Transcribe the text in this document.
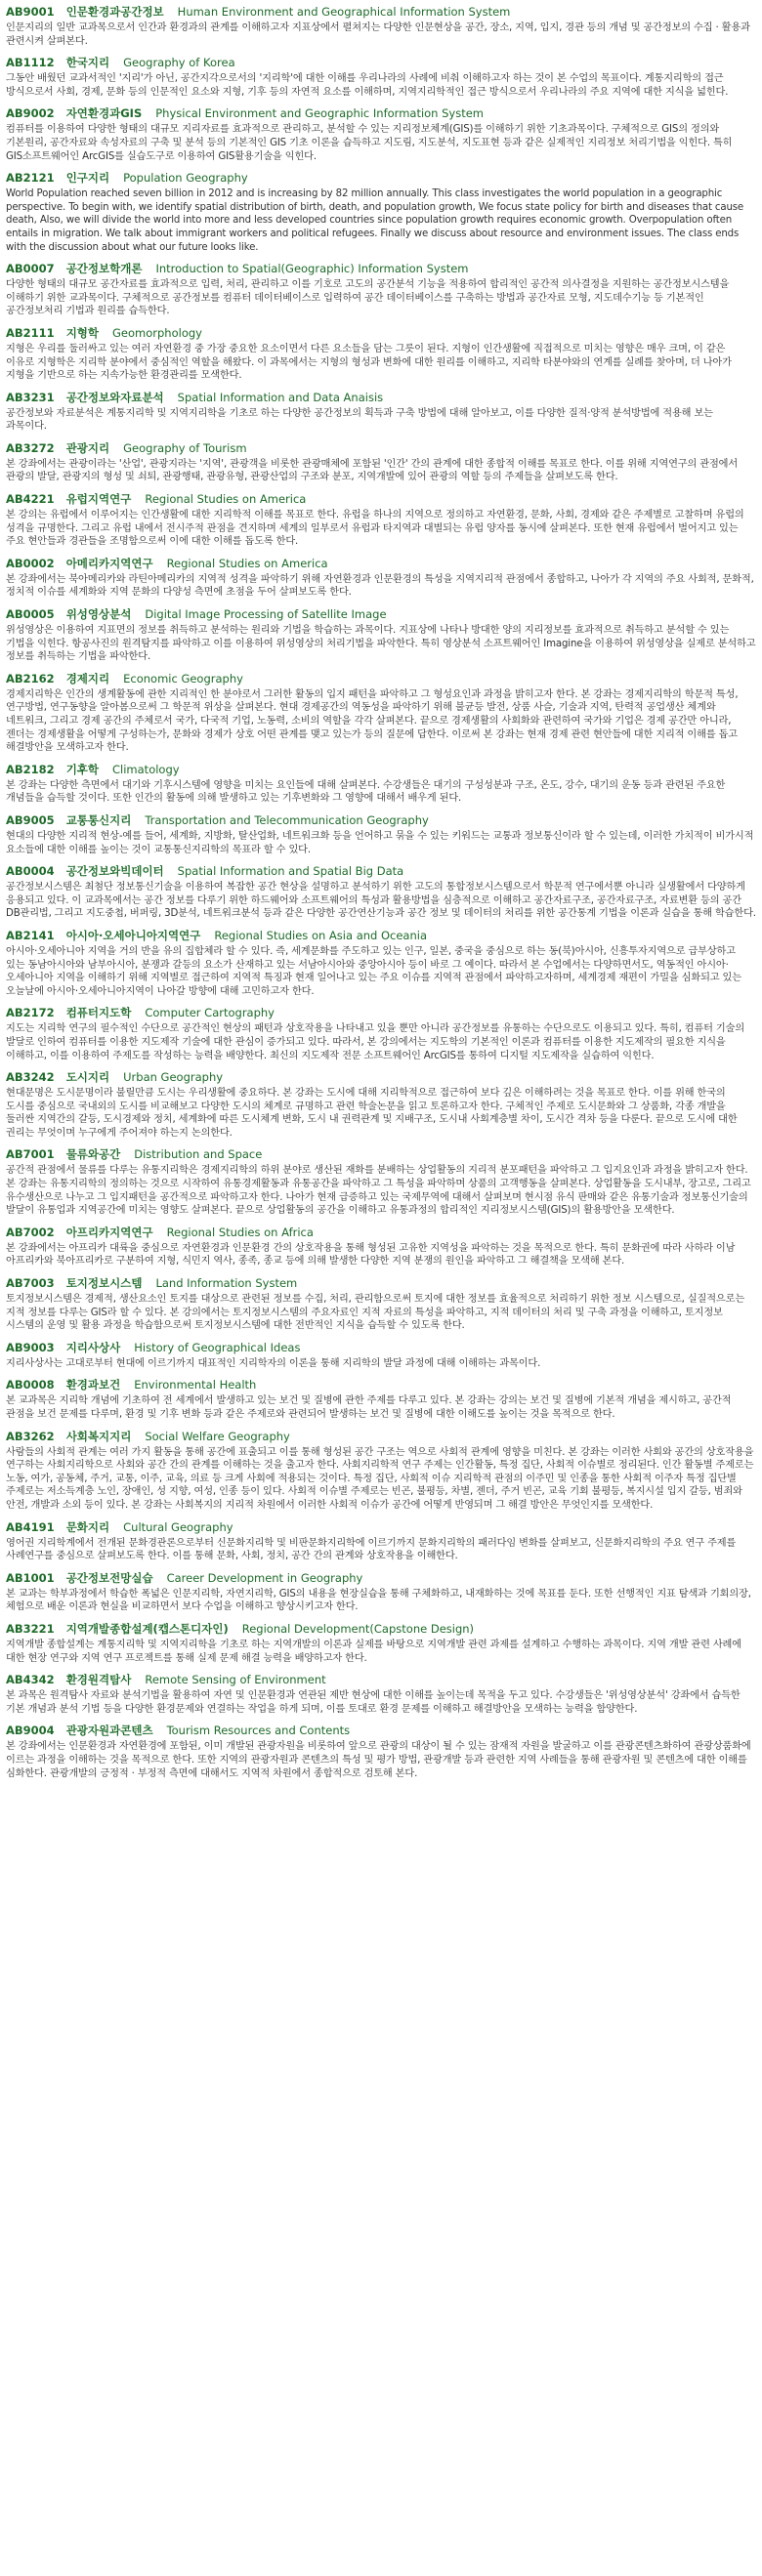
AB9001 인문환경과공간정보 Human Environment and Geographical Information System

인문지리의 일반 교과목으로서 인간과 환경과의 관계를 이해하고자 지표상에서 펼쳐지는 다양한 인문현상을 공간, 장소, 지역, 입지, 경관 등의 개념 및 공간정보의 수집 · 활용과 관련시켜 살펴본다.

AB1112 한국지리 Geography of Korea

그동안 배웠던 교과서적인 '지리'가 아닌, 공간지각으로서의 '지리학'에 대한 이해를 우리나라의 사례에 비춰 이해하고자 하는 것이 본 수업의 목표이다. 계통지리학의 접근 방식으로서 사회, 경제, 문화 등의 인문적인 요소와 지형, 기후 등의 자연적 요소를 이해하며, 지역지리학적인 접근 방식으로서 우리나라의 주요 지역에 대한 지식을 넓힌다.

AB9002 자연환경과GIS Physical Environment and Geographic Information System

컴퓨터를 이용하여 다양한 형태의 대규모 지리자료를 효과적으로 관리하고, 분석할 수 있는 지리정보체계(GIS)를 이해하기 위한 기초과목이다. 구체적으로 GIS의 정의와 기본원리, 공간자료와 속성자료의 구축 및 분석 등의 기본적인 GIS 기초 이론을 습득하고 지도림, 지도분석, 지도표현 등과 같은 실제적인 지리정보 처리기법을 익힌다. 특히 GIS소프트웨어인 ArcGIS를 실습도구로 이용하여 GIS활용기술을 익힌다.

AB2121 인구지리 Population Geography

World Population reached seven billion in 2012 and is increasing by 82 million annually. This class investigates the world population in a geographic perspective. To begin with, we identify spatial distribution of birth, death, and population growth, We focus state policy for birth and diseases that cause death, Also, we will divide the world into more and less developed countries since population growth requires economic growth. Overpopulation often entails in migration. We talk about immigrant workers and political refugees. Finally we discuss about resource and environment issues. The class ends with the discussion about what our future looks like.

AB0007 공간정보학개론 Introduction to Spatial(Geographic) Information System

다양한 형태의 대규모 공간자료를 효과적으로 입력, 처리, 관리하고 이를 기호로 고도의 공간분석 기능을 적용하여 합리적인 공간적 의사결정을 지원하는 공간정보시스템을 이해하기 위한 교과목이다. 구체적으로 공간정보를 컴퓨터 데이터베이스로 입력하여 공간 데이터베이스를 구축하는 방법과 공간자료 모형, 지도데수기능 등 기본적인 공간정보처리 기법과 원리를 습득한다.

AB2111 지형학 Geomorphology

지형은 우리를 둘러싸고 있는 여러 자연환경 중 가장 중요한 요소이면서 다른 요소들을 담는 그릇이 된다. 지형이 인간생활에 직접적으로 미치는 영향은 매우 크며, 이 같은 이유로 지형학은 지리학 분야에서 중심적인 역할을 해왔다. 이 과목에서는 지형의 형성과 변화에 대한 원리를 이해하고, 지리학 타분야와의 연계를 실례를 찾아며, 더 나아가 지형을 기반으로 하는 지속가능한 환경관리를 모색한다.

AB3231 공간정보와자료분석 Spatial Information and Data Anaisis

공간정보와 자료분석은 계통지리학 및 지역지리학을 기초로 하는 다양한 공간정보의 획득과 구축 방법에 대해 알아보고, 이를 다양한 질적·양적 분석방법에 적용해 보는 과목이다.

AB3272 관광지리 Geography of Tourism

본 강좌에서는 관광이라는 '산업', 관광지라는 '지역', 관광객을 비롯한 관광매체에 포함된 '인간' 간의 관계에 대한 종합적 이해를 목표로 한다. 이를 위해 지역연구의 관점에서 관광의 발달, 관광지의 형성 및 쇠퇴, 관광행태, 관광유형, 관광산업의 구조와 분포, 지역개발에 있어 관광의 역할 등의 주제들을 살펴보도록 한다.

AB4221 유럽지역연구 Regional Studies on America

본 강의는 유럽에서 이루어지는 인간생활에 대한 지리학적 이해를 목표로 한다. 유럽을 하나의 지역으로 정의하고 자연환경, 문화, 사회, 경제와 같은 주제별로 고찰하며 유럽의 성격을 규명한다. 그리고 유럽 내에서 전시주적 관점을 견지하며 세계의 일부로서 유럽과 타지역과 대별되는 유럽 양자를 동시에 살펴본다. 또한 현재 유럽에서 벌어지고 있는 주요 현안들과 경관들을 조명함으로써 이에 대한 이해를 돕도록 한다.

AB0002 아메리카지역연구 Regional Studies on America

본 강좌에서는 북아메리카와 라틴아메리카의 지역적 성격을 파악하기 위해 자연환경과 인문환경의 특성을 지역지리적 관점에서 종합하고, 나아가 각 지역의 주요 사회적, 문화적, 정치적 이슈를 세계화와 지역 문화의 다양성 측면에 초점을 두어 살펴보도록 한다.

AB0005 위성영상분석 Digital Image Processing of Satellite Image

위성영상은 이용하여 지표면의 정보를 취득하고 분석하는 원리와 기법을 학습하는 과목이다. 지표상에 나타나 방대한 양의 지리정보를 효과적으로 취득하고 분석할 수 있는 기법을 익힌다. 항공사진의 원격탐지를 파악하고 이를 이용하여 위성영상의 처리기법을 파악한다. 특히 영상분석 소프트웨어인 Imagine을 이용하여 위성영상을 실제로 분석하고 정보를 취득하는 기법을 파악한다.

AB2162 경제지리 Economic Geography

경제지리학은 인간의 생계활동에 관한 지리적인 한 분야로서 그러한 활동의 입지 패턴을 파악하고 그 형성요인과 과정을 밝히고자 한다. 본 강좌는 경제지리학의 학문적 특성, 연구방법, 연구동향을 알아봄으로써 그 학문적 위상을 살펴본다. 현대 경제공간의 역동성을 파악하기 위해 불균등 발전, 상품 사슬, 기술과 지역, 탄력적 공업생산 체계와 네트워크, 그리고 경제 공간의 주체로서 국가, 다국적 기업, 노동력, 소비의 역할을 각각 살펴본다. 끝으로 경제생활의 사회화와 관련하여 국가와 기업은 경제 공간만 아니라, 젠더는 경제생활을 어떻게 구성하는가, 문화와 경제가 상호 어떤 관계를 맺고 있는가 등의 질문에 답한다. 이로써 본 강좌는 현재 경제 관련 현안들에 대한 지리적 이해를 돕고 해결방안을 모색하고자 한다.

AB2182 기후학 Climatology

본 강좌는 다양한 측면에서 대기와 기후시스템에 영향을 미치는 요인들에 대해 살펴본다. 수강생들은 대기의 구성성분과 구조, 온도, 강수, 대기의 운동 등과 관련된 주요한 개념들을 습득할 것이다. 또한 인간의 활동에 의해 발생하고 있는 기후변화와 그 영향에 대해서 배우게 된다.

AB9005 교통통신지리 Transportation and Telecommunication Geography

현대의 다양한 지리적 현상-예를 들어, 세계화, 지방화, 탈산업화, 네트워크화 등을 언어하고 묶을 수 있는 키워드는 교통과 정보통신이라 할 수 있는데, 이러한 가치적이 비가시적 요소들에 대한 이해를 높이는 것이 교통통신지리학의 목표라 할 수 있다.

AB0004 공간정보와빅데이터 Spatial Information and Spatial Big Data

공간정보시스템은 최첨단 정보통신기술을 이용하여 복잡한 공간 현상을 설명하고 분석하기 위한 고도의 통합정보시스템으로서 학문적 연구에서뿐 아니라 실생활에서 다양하게 응용되고 있다. 이 교과목에서는 공간 정보를 다루기 위한 하드웨어와 소프트웨어의 특성과 활용방법을 심층적으로 이해하고 공간자료구조, 공간자료구조, 자료변환 등의 공간 DB관리법, 그리고 지도중첩, 버퍼링, 3D분석, 네트워크분석 등과 같은 다양한 공간연산기능과 공간 정보 및 데이터의 처리를 위한 공간통계 기법을 이론과 실습을 통해 학습한다.

AB2141 아시아·오세아니아지역연구 Regional Studies on Asia and Oceania

아시아·오세아니아 지역을 거의 반을 유의 집합체라 할 수 있다. 즉, 세계문화를 주도하고 있는 인구, 일본, 중국을 중심으로 하는 동(북)아시아, 신흥투자지역으로 급부상하고 있는 동남아시아와 남부아시아, 분쟁과 갈등의 요소가 산재하고 있는 서남아시아와 중앙아시아 등이 바로 그 예이다. 따라서 본 수업에서는 다양하면서도, 역동적인 아시아·오세아니아 지역을 이해하기 위해 지역별로 접근하여 지역적 특징과 현재 일어나고 있는 주요 이슈를 지역적 관점에서 파악하고자하며, 세계경제 재편이 가밀을 심화되고 있는 오늘날에 아시아·오세아니아지역이 나아갈 방향에 대해 고민하고자 한다.

AB2172 컴퓨터지도학 Computer Cartography

지도는 지리학 연구의 필수적인 수단으로 공간적인 현상의 패턴과 상호작용을 나타내고 있을 뿐만 아니라 공간정보를 유통하는 수단으로도 이용되고 있다. 특히, 컴퓨터 기술의 발달로 인하여 컴퓨터를 이용한 지도제작 기술에 대한 관심이 증가되고 있다. 따라서, 본 강의에서는 지도학의 기본적인 이론과 컴퓨터를 이용한 지도제작의 필요한 지식을 이해하고, 이를 이용하여 주제도를 작성하는 능력을 배양한다. 최신의 지도제작 전문 소프트웨어인 ArcGIS를 통하여 디지털 지도제작을 실습하여 익힌다.

AB3242 도시지리 Urban Geography

현대문명은 도시문명이라 불릴만큼 도시는 우리생활에 중요하다. 본 강좌는 도시에 대해 지리학적으로 접근하여 보다 깊은 이해하려는 것을 목표로 한다. 이를 위해 한국의 도시를 중심으로 국내외의 도시를 비교해보고 다양한 도시의 체계로 규명하고 관련 학술논문을 읽고 토론하고자 한다. 구체적인 주제로 도시문화와 그 상품화, 각종 개발을 둘러싼 지역간의 갈등, 도시경제와 정치, 세계화에 따른 도시체계 변화, 도시 내 권력관계 및 지배구조, 도시내 사회계층별 차이, 도시간 격차 등을 다룬다. 끝으로 도시에 대한 권리는 무엇이며 누구에게 주어져야 하는지 논의한다.

AB7001 물류와공간 Distribution and Space

공간적 관점에서 물류를 다루는 유통지리학은 경제지리학의 하위 분야로 생산된 재화를 분배하는 상업활동의 지리적 분포패턴을 파악하고 그 입지요인과 과정을 밝히고자 한다. 본 강좌는 유통지리학의 정의하는 것으로 시작하여 유통경제활동과 유통공간을 파악하고 그 특성을 파악하며 상품의 고객행동을 살펴본다. 상업활동을 도시내부, 장고로, 그리고 유수생산으로 나누고 그 입지패턴을 공간적으로 파악하고자 한다. 나아가 현재 급증하고 있는 국제무역에 대해서 살펴보며 현시점 유식 판매와 같은 유통기술과 정보통신기술의 발달이 유통업과 지역공간에 미치는 영향도 살펴본다. 끝으로 상업활동의 공간을 이해하고 유통과정의 합리적인 지리정보시스템(GIS)의 활용방안을 모색한다.

AB7002 아프리카지역연구 Regional Studies on Africa

본 강좌에서는 아프리카 대륙을 중심으로 자연환경과 인문환경 간의 상호작용을 통해 형성된 고유한 지역성을 파악하는 것을 목적으로 한다. 특히 문화권에 따라 사하라 이남 아프리카와 북아프리카로 구분하여 지형, 식민지 역사, 종족, 종교 등에 의해 발생한 다양한 지역 분쟁의 원인을 파악하고 그 해결책을 모색해 본다.

AB7003 토지정보시스템 Land Information System

토지정보시스템은 경제적, 생산요소인 토지를 대상으로 관련된 정보를 수집, 처리, 관리함으로써 토지에 대한 정보를 효율적으로 처리하기 위한 정보 시스템으로, 실질적으로는 지적 정보를 다루는 GIS라 할 수 있다. 본 강의에서는 토지정보시스템의 주요자료인 지적 자료의 특성을 파악하고, 지적 데이터의 처리 및 구축 과정을 이해하고, 토지정보 시스템의 운영 및 활용 과정을 학습함으로써 토지정보시스템에 대한 전반적인 지식을 습득할 수 있도록 한다.

AB9003 지리사상사 History of Geographical Ideas

지리사상사는 고대로부터 현대에 이르기까지 대표적인 지리학자의 이론을 통해 지리학의 발달 과정에 대해 이해하는 과목이다.

AB0008 환경과보건 Environmental Health

본 교과목은 지리학 개념에 기초하여 전 세계에서 발생하고 있는 보건 및 질병에 관한 주제를 다루고 있다. 본 강좌는 강의는 보건 및 질병에 기본적 개념을 제시하고, 공간적 관점을 보건 문제를 다루며, 환경 및 기후 변화 등과 같은 주제로와 관련되어 발생하는 보건 및 질병에 대한 이해도를 높이는 것을 목적으로 한다.

AB3262 사회복지지리 Social Welfare Geography

사람들의 사회적 관계는 여러 가지 활동을 통해 공간에 표출되고 이를 통해 형성된 공간 구조는 역으로 사회적 관계에 영향을 미친다. 본 강좌는 이러한 사회와 공간의 상호작용을 연구하는 사회지리학으로 사회와 공간 간의 관계를 이해하는 것을 출고자 한다. 사회지리학적 연구 주제는 인간활동, 특정 집단, 사회적 이슈별로 정리된다. 인간 활동별 주제로는 노동, 여가, 공동체, 주거, 교통, 이주, 교육, 의료 등 크게 사회에 적용되는 것이다. 특정 집단, 사회적 이슈 지리학적 관점의 이주민 및 인종을 통한 사회적 이주자 특정 집단별 주제로는 저소득계층 노인, 장애인, 성 지향, 여성, 인종 등이 있다. 사회적 이슈별 주제로는 빈곤, 불평등, 차별, 젠더, 주거 빈곤, 교육 기회 불평등, 복지시설 입지 갈등, 범죄와 안전, 개발과 소외 등이 있다. 본 강좌는 사회복지의 지리적 차원에서 이러한 사회적 이슈가 공간에 어떻게 반영되며 그 해결 방안은 무엇인지를 모색한다.

AB4191 문화지리 Cultural Geography

영어권 지리학계에서 전개된 문화경관론으로부터 신문화지리학 및 비판문화지리학에 이르기까지 문화지리학의 패러다임 변화를 살펴보고, 신문화지리학의 주요 연구 주제를 사례연구를 중심으로 살펴보도록 한다. 이를 통해 문화, 사회, 정치, 공간 간의 관계와 상호작용을 이해한다.

AB1001 공간정보전망실습 Career Development in Geography

본 교과는 학부과정에서 학습한 폭넓은 인문지리학, 자연지리학, GIS의 내용을 현장실습을 통해 구체화하고, 내재화하는 것에 목표를 둔다. 또한 선행적인 지표 탐색과 기회의장, 체험으로 배운 이론과 현실을 비교하면서 보다 수업을 이해하고 향상시키고자 한다.

AB3221 지역개발종합설계(캡스톤디자인) Regional Development(Capstone Design)

지역개발 종합설계는 계통지리학 및 지역지리학을 기초로 하는 지역개발의 이론과 실제를 바탕으로 지역개발 관련 과제를 설계하고 수행하는 과목이다. 지역 개발 관련 사례에 대한 현장 연구와 지역 연구 프로젝트를 통해 실제 문제 해결 능력을 배양하고자 한다.

AB4342 환경원격탐사 Remote Sensing of Environment

본 과목은 원격탐사 자료와 분석기법을 활용하여 자연 및 인문환경과 연관된 제반 현상에 대한 이해를 높이는데 목적을 두고 있다. 수강생들은 '위성영상분석' 강좌에서 습득한 기본 개념과 분석 기법 등을 다양한 환경문제와 연결하는 작업을 하게 되며, 이를 토대로 환경 문제를 이해하고 해결방안을 모색하는 능력을 함양한다.

AB9004 관광자원과콘텐츠 Tourism Resources and Contents

본 강좌에서는 인문환경과 자연환경에 포함된, 이미 개발된 관광자원을 비롯하여 앞으로 관광의 대상이 될 수 있는 잠재적 자원을 발굴하고 이를 관광콘텐츠화하여 관광상품화에 이르는 과정을 이해하는 것을 목적으로 한다. 또한 지역의 관광자원과 콘텐츠의 특성 및 평가 방법, 관광개발 등과 관련한 지역 사례들을 통해 관광자원 및 콘텐츠에 대한 이해를 심화한다. 관광개발의 긍정적 · 부정적 측면에 대해서도 지역적 차원에서 종합적으로 검토해 본다.
